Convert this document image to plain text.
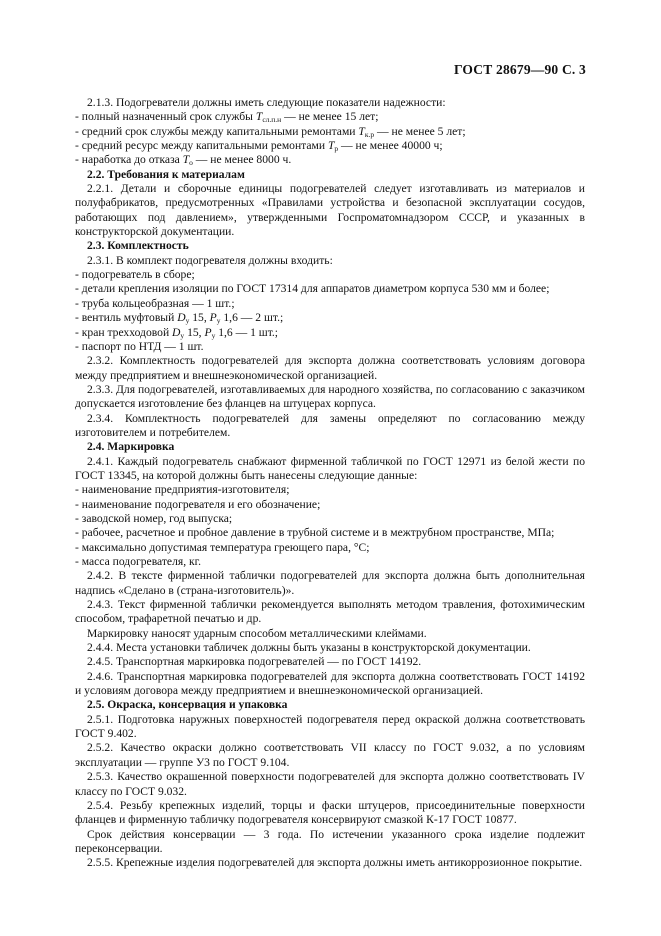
ГОСТ 28679—90 С. 3

2.1.3. Подогреватели должны иметь следующие показатели надежности:

- полный назначенный срок службы $Т_{сл.п.н}$ — не менее 15 лет;

- средний срок службы между капитальными ремонтами $Т_{к.р}$ — не менее 5 лет;

- средний ресурс между капитальными ремонтами $Т_р$ — не менее 40000 ч;

- наработка до отказа $Т_о$ — не менее 8000 ч.

2.2. Требования к материалам

2.2.1. Детали и сборочные единицы подогревателей следует изготавливать из материалов и полуфабрикатов, предусмотренных «Правилами устройства и безопасной эксплуатации сосудов, работающих под давлением», утвержденными Госпроматомнадзором СССР, и указанных в конструкторской документации.

2.3. Комплектность

2.3.1. В комплект подогревателя должны входить:

- подогреватель в сборе;

- детали крепления изоляции по ГОСТ 17314 для аппаратов диаметром корпуса 530 мм и более;

- труба кольцеобразная — 1 шт.;

- вентиль муфтовый $D_y$ 15, $P_y$ 1,6 — 2 шт.;

- кран трехходовой $D_y$ 15, $P_y$ 1,6 — 1 шт.;

- паспорт по НТД — 1 шт.

2.3.2. Комплектность подогревателей для экспорта должна соответствовать условиям договора между предприятием и внешнеэкономической организацией.

2.3.3. Для подогревателей, изготавливаемых для народного хозяйства, по согласованию с заказчиком допускается изготовление без фланцев на штуцерах корпуса.

2.3.4. Комплектность подогревателей для замены определяют по согласованию между изготовителем и потребителем.

2.4. Маркировка

2.4.1. Каждый подогреватель снабжают фирменной табличкой по ГОСТ 12971 из белой жести по ГОСТ 13345, на которой должны быть нанесены следующие данные:

- наименование предприятия-изготовителя;

- наименование подогревателя и его обозначение;

- заводской номер, год выпуска;

- рабочее, расчетное и пробное давление в трубной системе и в межтрубном пространстве, МПа;

- максимально допустимая температура греющего пара, °С;

- масса подогревателя, кг.

2.4.2. В тексте фирменной таблички подогревателей для экспорта должна быть дополнительная надпись «Сделано в (страна-изготовитель)».

2.4.3. Текст фирменной таблички рекомендуется выполнять методом травления, фотохимическим способом, трафаретной печатью и др.

Маркировку наносят ударным способом металлическими клеймами.

2.4.4. Места установки табличек должны быть указаны в конструкторской документации.

2.4.5. Транспортная маркировка подогревателей — по ГОСТ 14192.

2.4.6. Транспортная маркировка подогревателей для экспорта должна соответствовать ГОСТ 14192 и условиям договора между предприятием и внешнеэкономической организацией.

2.5. Окраска, консервация и упаковка

2.5.1. Подготовка наружных поверхностей подогревателя перед окраской должна соответствовать ГОСТ 9.402.

2.5.2. Качество окраски должно соответствовать VII классу по ГОСТ 9.032, а по условиям эксплуатации — группе У3 по ГОСТ 9.104.

2.5.3. Качество окрашенной поверхности подогревателей для экспорта должно соответствовать IV классу по ГОСТ 9.032.

2.5.4. Резьбу крепежных изделий, торцы и фаски штуцеров, присоединительные поверхности фланцев и фирменную табличку подогревателя консервируют смазкой К-17 ГОСТ 10877.

Срок действия консервации — 3 года. По истечении указанного срока изделие подлежит переконсервации.

2.5.5. Крепежные изделия подогревателей для экспорта должны иметь антикоррозионное покрытие.
